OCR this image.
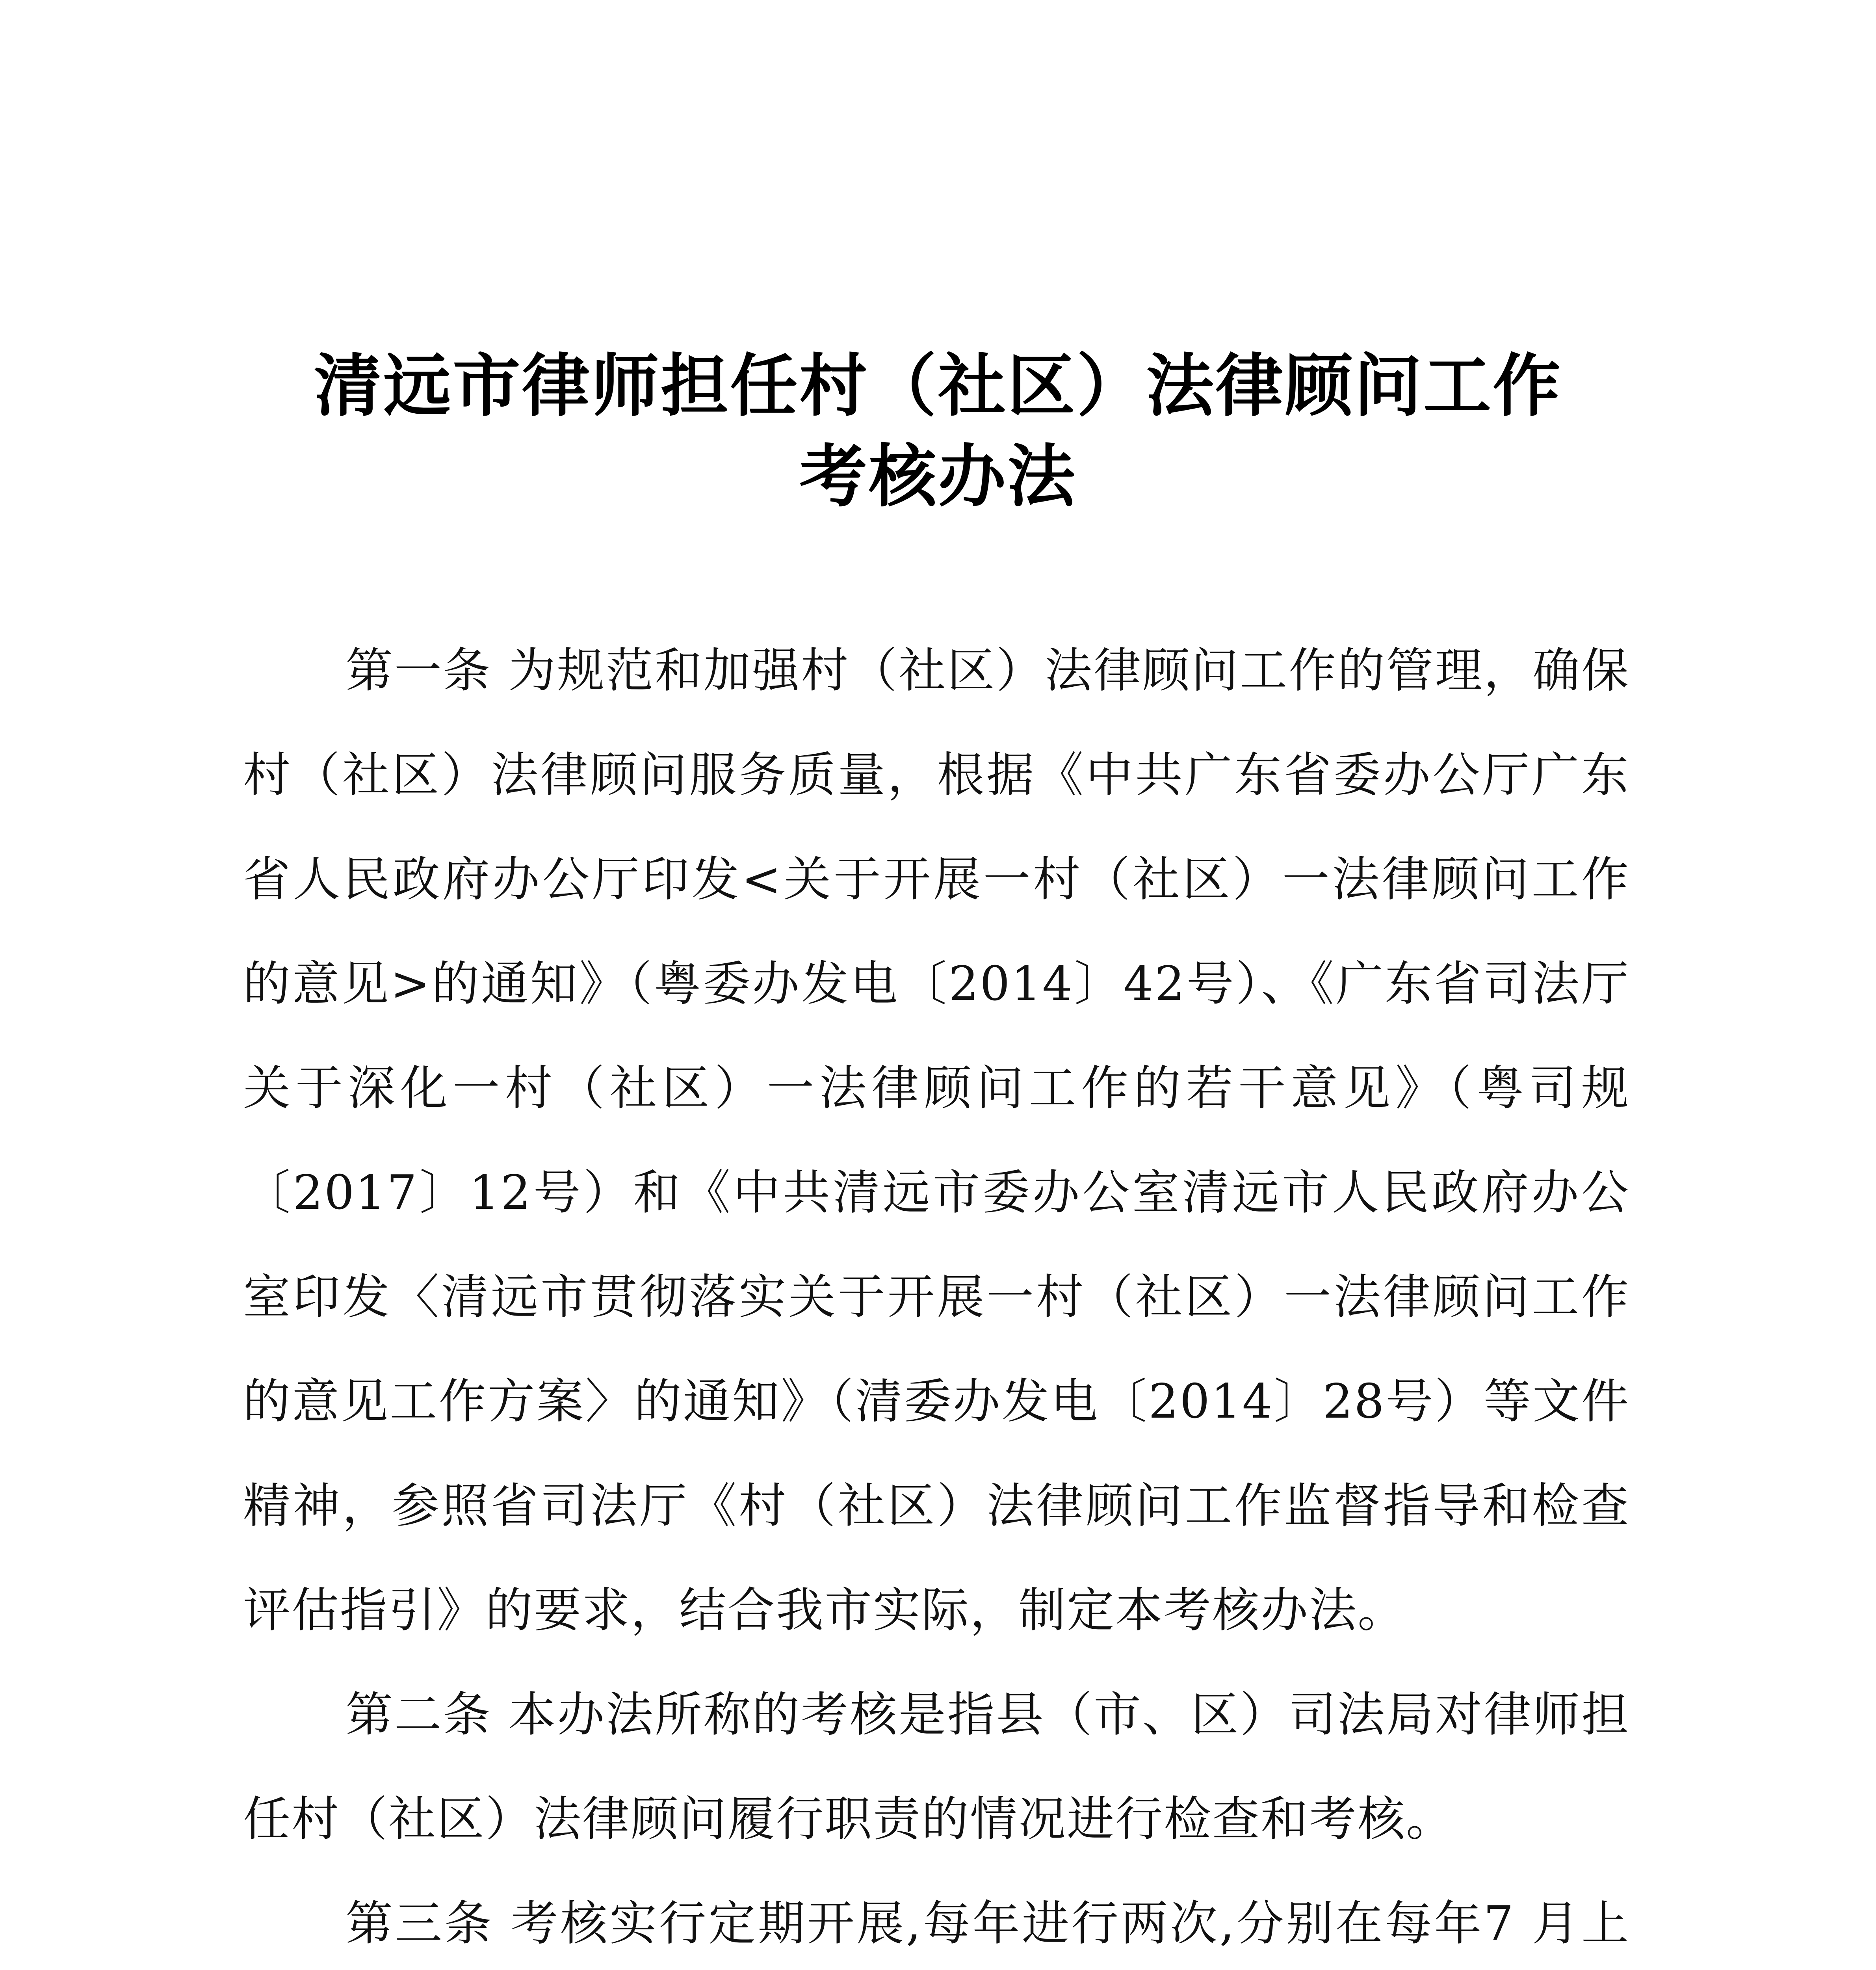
清远市律师担任村（社区）法律顾问工作
考核办法

第一条 为规范和加强村（社区）法律顾问工作的管理，确保村（社区）法律顾问服务质量，根据《中共广东省委办公厅广东省人民政府办公厅印发<关于开展一村（社区）一法律顾问工作的意见>的通知》（粤委办发电〔2014〕42号）、《广东省司法厅关于深化一村（社区）一法律顾问工作的若干意见》（粤司规〔2017〕12号）和《中共清远市委办公室清远市人民政府办公室印发〈清远市贯彻落实关于开展一村（社区）一法律顾问工作的意见工作方案〉的通知》（清委办发电〔2014〕28号）等文件精神，参照省司法厅《村（社区）法律顾问工作监督指导和检查评估指引》的要求，结合我市实际，制定本考核办法。

第二条 本办法所称的考核是指县（市、区）司法局对律师担任村（社区）法律顾问履行职责的情况进行检查和考核。

第三条 考核实行定期开展,每年进行两次,分别在每年7 月上
